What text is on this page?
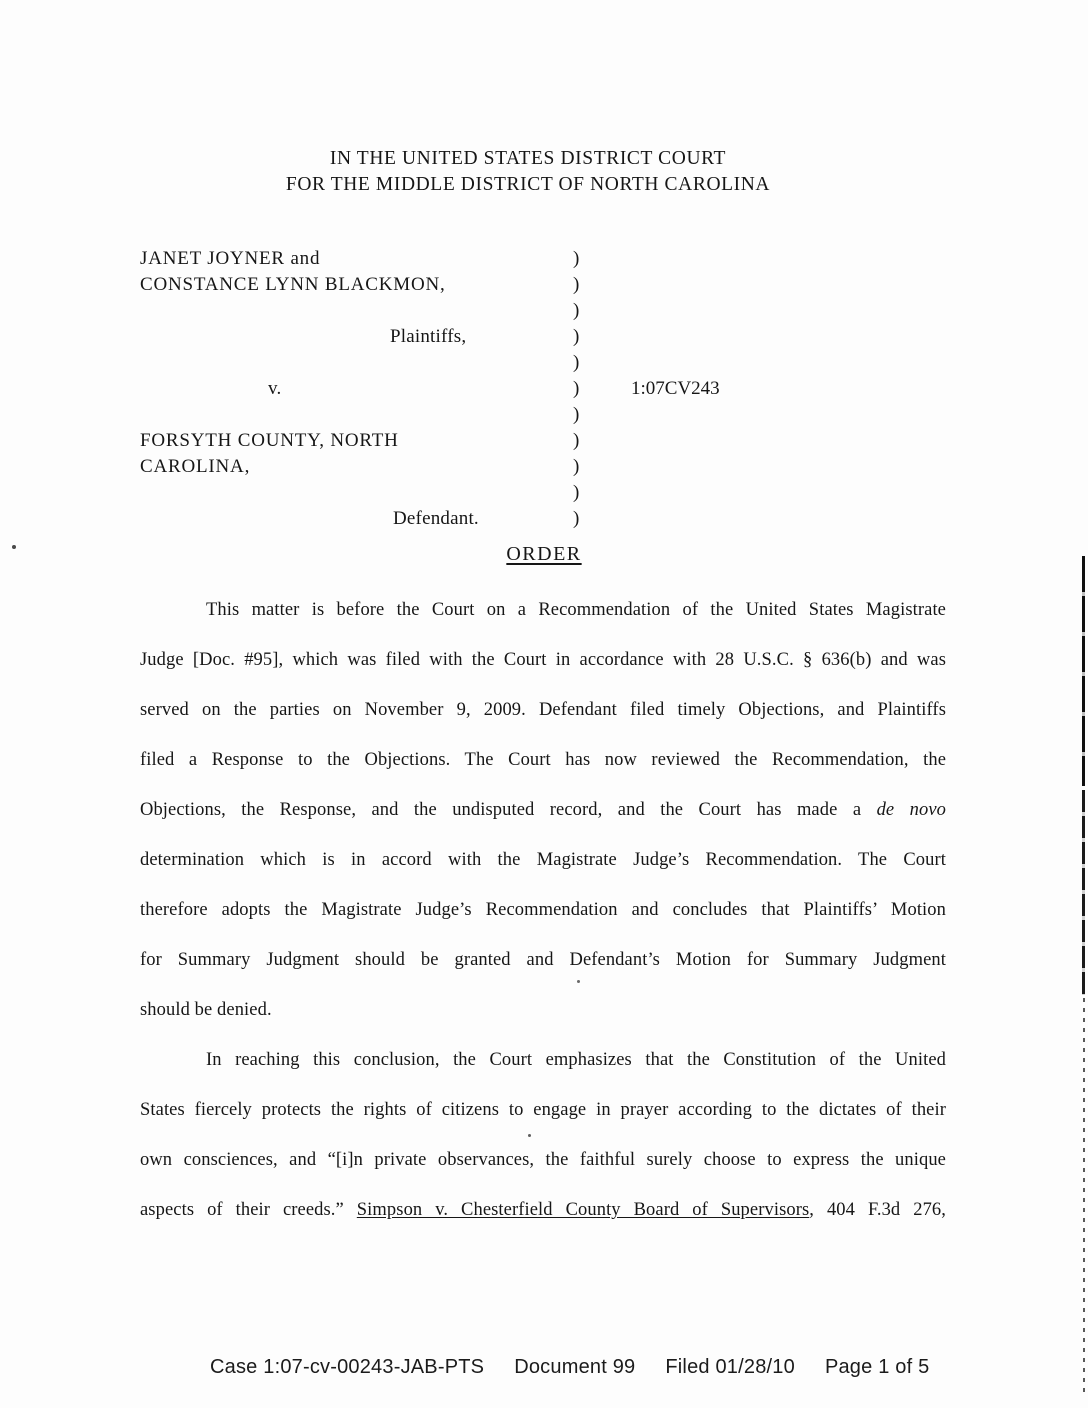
IN THE UNITED STATES DISTRICT COURT
FOR THE MIDDLE DISTRICT OF NORTH CAROLINA
JANET JOYNER and	)
CONSTANCE LYNN BLACKMON,	)
)
Plaintiffs,	)
)
v.	)	1:07CV243
)
FORSYTH COUNTY, NORTH	)
CAROLINA,	)
)
Defendant.	)
ORDER
This matter is before the Court on a Recommendation of the United States Magistrate
Judge [Doc. #95], which was filed with the Court in accordance with 28 U.S.C. § 636(b) and was
served on the parties on November 9, 2009. Defendant filed timely Objections, and Plaintiffs
filed a Response to the Objections. The Court has now reviewed the Recommendation, the
Objections, the Response, and the undisputed record, and the Court has made a de novo
determination which is in accord with the Magistrate Judge’s Recommendation. The Court
therefore adopts the Magistrate Judge’s Recommendation and concludes that Plaintiffs’ Motion
for Summary Judgment should be granted and Defendant’s Motion for Summary Judgment
should be denied.
In reaching this conclusion, the Court emphasizes that the Constitution of the United
States fiercely protects the rights of citizens to engage in prayer according to the dictates of their
own consciences, and “[i]n private observances, the faithful surely choose to express the unique
aspects of their creeds.” Simpson v. Chesterfield County Board of Supervisors, 404 F.3d 276,
Case 1:07-cv-00243-JAB-PTS Document 99 Filed 01/28/10 Page 1 of 5
